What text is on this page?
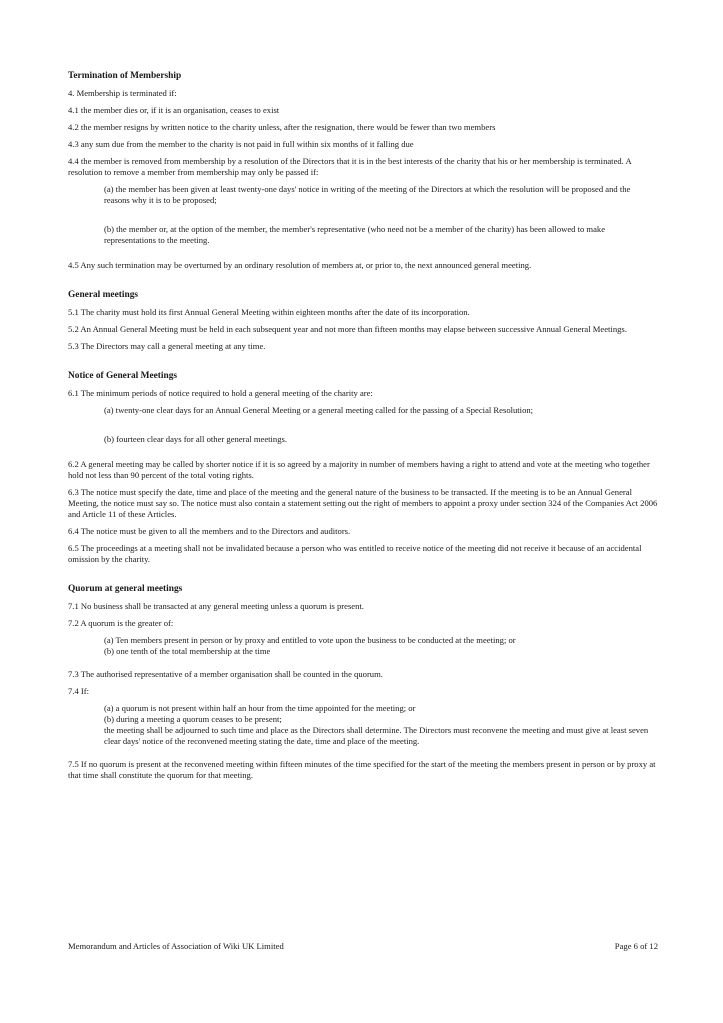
Termination of Membership

4. Membership is terminated if:

4.1 the member dies or, if it is an organisation, ceases to exist

4.2 the member resigns by written notice to the charity unless, after the resignation, there would be fewer than two members

4.3 any sum due from the member to the charity is not paid in full within six months of it falling due

4.4 the member is removed from membership by a resolution of the Directors that it is in the best interests of the charity that his or her membership is terminated. A resolution to remove a member from membership may only be passed if:

(a) the member has been given at least twenty-one days' notice in writing of the meeting of the Directors at which the resolution will be proposed and the reasons why it is to be proposed;

(b) the member or, at the option of the member, the member's representative (who need not be a member of the charity) has been allowed to make representations to the meeting.

4.5 Any such termination may be overturned by an ordinary resolution of members at, or prior to, the next announced general meeting.

General meetings

5.1 The charity must hold its first Annual General Meeting within eighteen months after the date of its incorporation.

5.2 An Annual General Meeting must be held in each subsequent year and not more than fifteen months may elapse between successive Annual General Meetings.

5.3 The Directors may call a general meeting at any time.

Notice of General Meetings

6.1 The minimum periods of notice required to hold a general meeting of the charity are:

(a) twenty-one clear days for an Annual General Meeting or a general meeting called for the passing of a Special Resolution;

(b) fourteen clear days for all other general meetings.

6.2 A general meeting may be called by shorter notice if it is so agreed by a majority in number of members having a right to attend and vote at the meeting who together hold not less than 90 percent of the total voting rights.

6.3 The notice must specify the date, time and place of the meeting and the general nature of the business to be transacted. If the meeting is to be an Annual General Meeting, the notice must say so. The notice must also contain a statement setting out the right of members to appoint a proxy under section 324 of the Companies Act 2006 and Article 11 of these Articles.

6.4 The notice must be given to all the members and to the Directors and auditors.

6.5 The proceedings at a meeting shall not be invalidated because a person who was entitled to receive notice of the meeting did not receive it because of an accidental omission by the charity.

Quorum at general meetings

7.1 No business shall be transacted at any general meeting unless a quorum is present.

7.2 A quorum is the greater of:

(a) Ten members present in person or by proxy and entitled to vote upon the business to be conducted at the meeting; or

(b) one tenth of the total membership at the time

7.3 The authorised representative of a member organisation shall be counted in the quorum.

7.4 If:

(a) a quorum is not present within half an hour from the time appointed for the meeting; or

(b) during a meeting a quorum ceases to be present;

the meeting shall be adjourned to such time and place as the Directors shall determine. The Directors must reconvene the meeting and must give at least seven clear days' notice of the reconvened meeting stating the date, time and place of the meeting.

7.5 If no quorum is present at the reconvened meeting within fifteen minutes of the time specified for the start of the meeting the members present in person or by proxy at that time shall constitute the quorum for that meeting.

Memorandum and Articles of Association of Wiki UK Limited	Page 6 of 12
